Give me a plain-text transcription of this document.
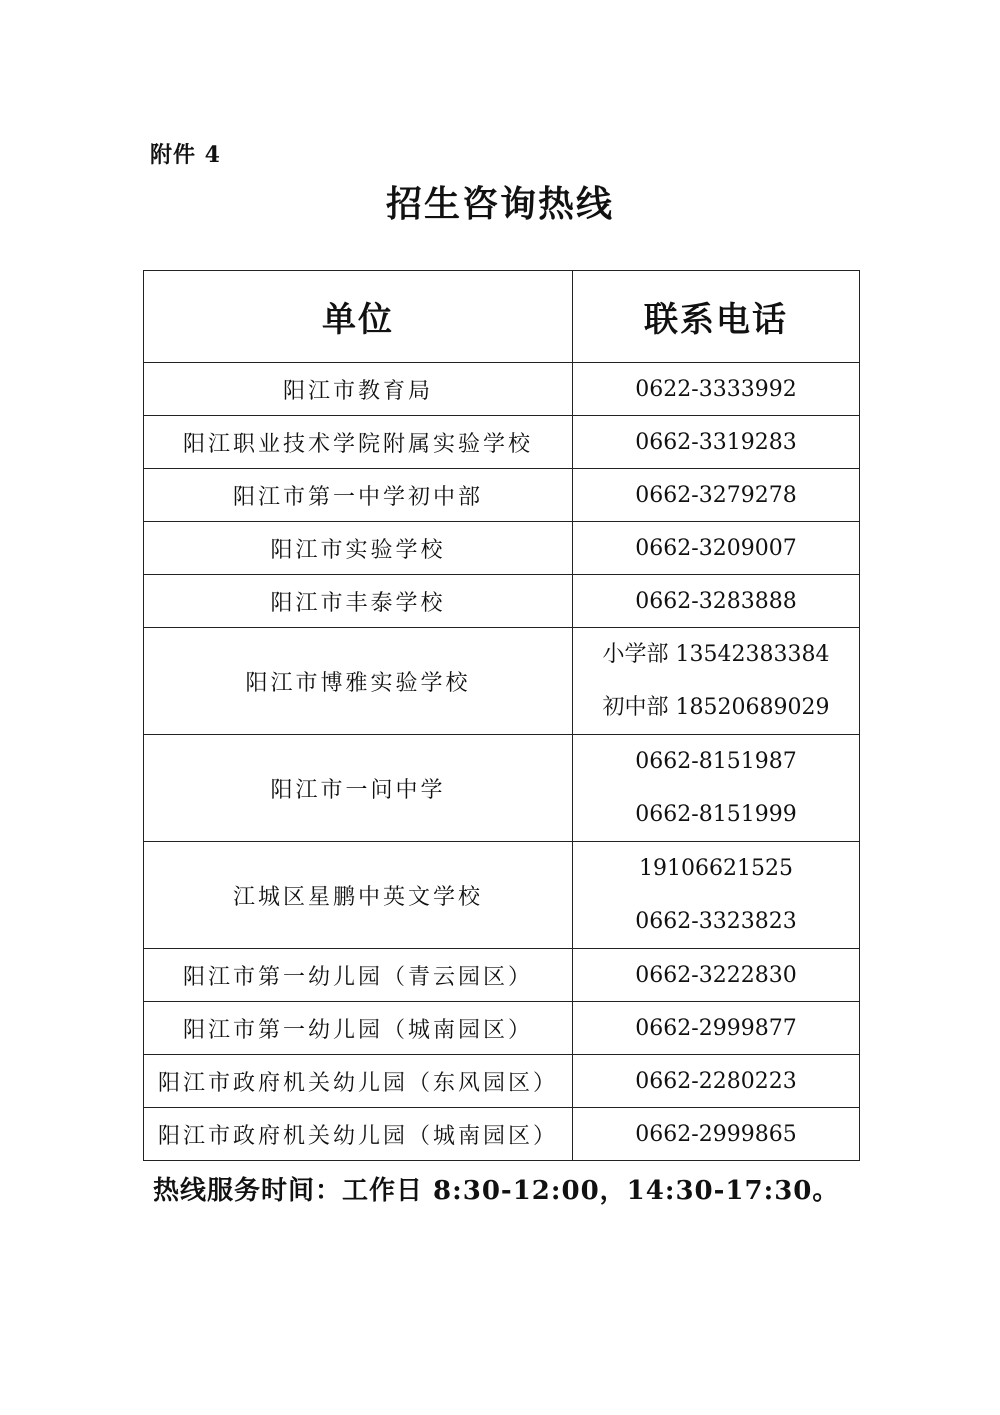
附件 4
招生咨询热线
单位	联系电话
阳江市教育局	0622-3333992
阳江职业技术学院附属实验学校	0662-3319283
阳江市第一中学初中部	0662-3279278
阳江市实验学校	0662-3209007
阳江市丰泰学校	0662-3283888
阳江市博雅实验学校	小学部 13542383384
初中部 18520689029

阳江市一问中学	0662-8151987
0662-8151999

江城区星鹏中英文学校	19106621525
0662-3323823

阳江市第一幼儿园（青云园区）	0662-3222830
阳江市第一幼儿园（城南园区）	0662-2999877
阳江市政府机关幼儿园（东风园区）	0662-2280223
阳江市政府机关幼儿园（城南园区）	0662-2999865
热线服务时间：工作日 8:30-12:00，14:30-17:30。
